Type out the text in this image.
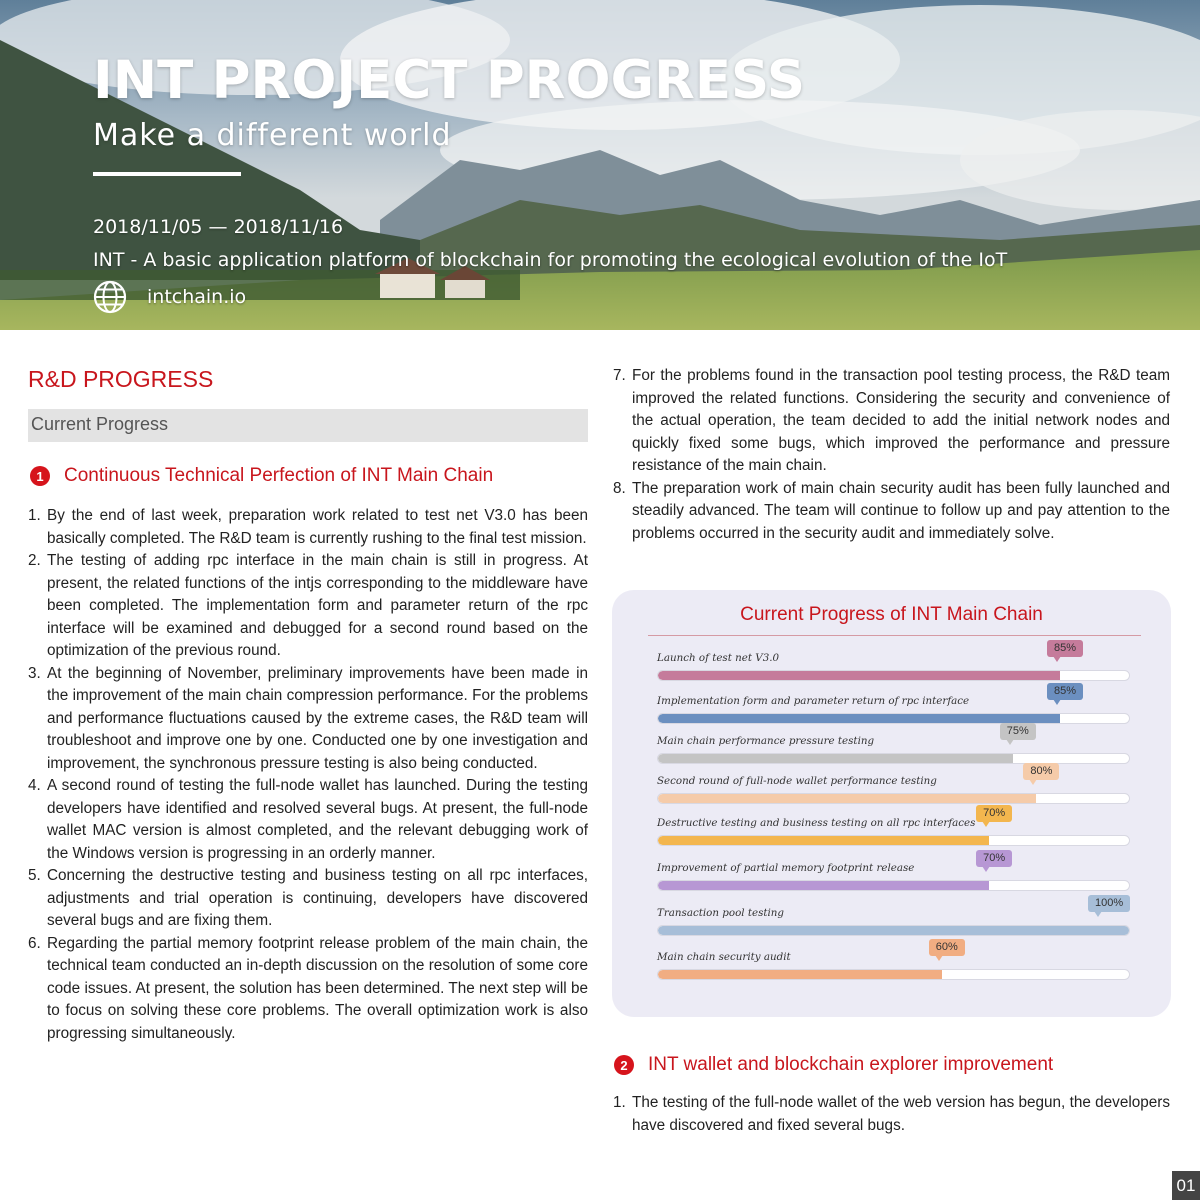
INT PROJECT PROGRESS
Make a different world
2018/11/05 — 2018/11/16
INT - A basic application platform of blockchain for promoting the ecological evolution of the IoT
intchain.io
R&D PROGRESS
Current Progress
1	Continuous Technical Perfection of INT Main Chain
1. By the end of last week, preparation work related to test net V3.0 has been basically completed. The R&D team is currently rushing to the final test mission.
2. The testing of adding rpc interface in the main chain is still in progress. At present, the related functions of the intjs corresponding to the middleware have been completed. The implementation form and parameter return of the rpc interface will be examined and debugged for a second round based on the optimization of the previous round.
3. At the beginning of November, preliminary improvements have been made in the improvement of the main chain compression performance. For the problems and performance fluctuations caused by the extreme cases, the R&D team will troubleshoot and improve one by one. Conducted one by one investigation and improvement, the synchronous pressure testing is also being conducted.
4. A second round of testing the full-node wallet has launched. During the testing developers have identified and resolved several bugs. At present, the full-node wallet MAC version is almost completed, and the relevant debugging work of the Windows version is progressing in an orderly manner.
5. Concerning the destructive testing and business testing on all rpc interfaces, adjustments and trial operation is continuing, developers have discovered several bugs and are fixing them.
6. Regarding the partial memory footprint release problem of the main chain, the technical team conducted an in-depth discussion on the resolution of some core code issues. At present, the solution has been determined. The next step will be to focus on solving these core problems. The overall optimization work is also progressing simultaneously.
7. For the problems found in the transaction pool testing process, the R&D team improved the related functions. Considering the security and convenience of the actual operation, the team decided to add the initial network nodes and quickly fixed some bugs, which improved the performance and pressure resistance of the main chain.
8. The preparation work of main chain security audit has been fully launched and steadily advanced. The team will continue to follow up and pay attention to the problems occurred in the security audit and immediately solve.
Current Progress of INT Main Chain
Launch of test net V3.0
85%
Implementation form and parameter return of rpc interface
85%
Main chain performance pressure testing
75%
Second round of full-node wallet performance testing
80%
Destructive testing and business testing on all rpc interfaces
70%
Improvement of partial memory footprint release
70%
Transaction pool testing
100%
Main chain security audit
60%
2	INT wallet and blockchain explorer improvement
1. The testing of the full-node wallet of the web version has begun, the developers have discovered and fixed several bugs.
01
